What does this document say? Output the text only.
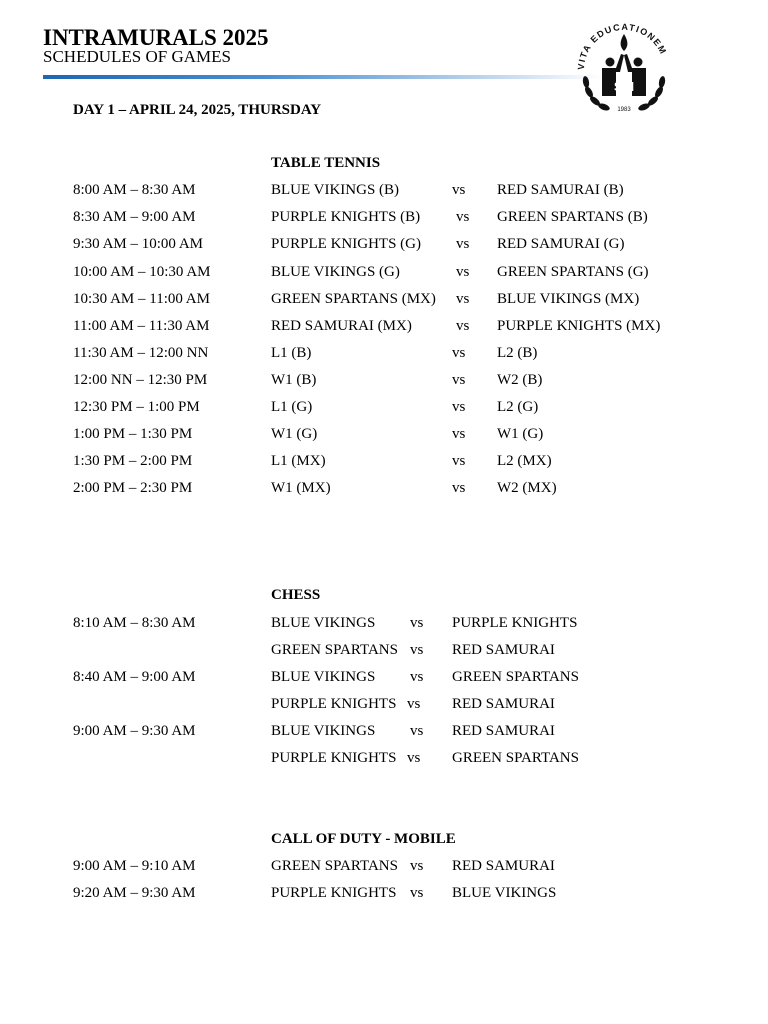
INTRAMURALS 2025
SCHEDULES OF GAMES
VITA EDUCATIONEM
STI
1983
DAY 1 – APRIL 24, 2025, THURSDAY
TABLE TENNIS
8:00 AM – 8:30 AM	BLUE VIKINGS (B)	vs RED SAMURAI (B)
8:30 AM – 9:00 AM	PURPLE KNIGHTS (B) vs GREEN SPARTANS (B)
9:30 AM – 10:00 AM	PURPLE KNIGHTS (G) vs RED SAMURAI (G)
10:00 AM – 10:30 AM	BLUE VIKINGS (G)	vs GREEN SPARTANS (G)
10:30 AM – 11:00 AM	GREEN SPARTANS (MX) vs BLUE VIKINGS (MX)
11:00 AM – 11:30 AM	RED SAMURAI (MX)	vs PURPLE KNIGHTS (MX)
11:30 AM – 12:00 NN	L1 (B)	vs L2 (B)
12:00 NN – 12:30 PM	W1 (B)	vs W2 (B)
12:30 PM – 1:00 PM	L1 (G)	vs L2 (G)
1:00 PM – 1:30 PM	W1 (G)	vs W1 (G)
1:30 PM – 2:00 PM	L1 (MX)	vs L2 (MX)
2:00 PM – 2:30 PM	W1 (MX)	vs W2 (MX)
CHESS
8:10 AM – 8:30 AM	BLUE VIKINGS vs PURPLE KNIGHTS
GREEN SPARTANS vs RED SAMURAI
8:40 AM – 9:00 AM	BLUE VIKINGS vs GREEN SPARTANS
PURPLE KNIGHTS vs RED SAMURAI
9:00 AM – 9:30 AM	BLUE VIKINGS vs RED SAMURAI
PURPLE KNIGHTS vs GREEN SPARTANS
CALL OF DUTY - MOBILE
9:00 AM – 9:10 AM	GREEN SPARTANS vs RED SAMURAI
9:20 AM – 9:30 AM	PURPLE KNIGHTS vs BLUE VIKINGS
